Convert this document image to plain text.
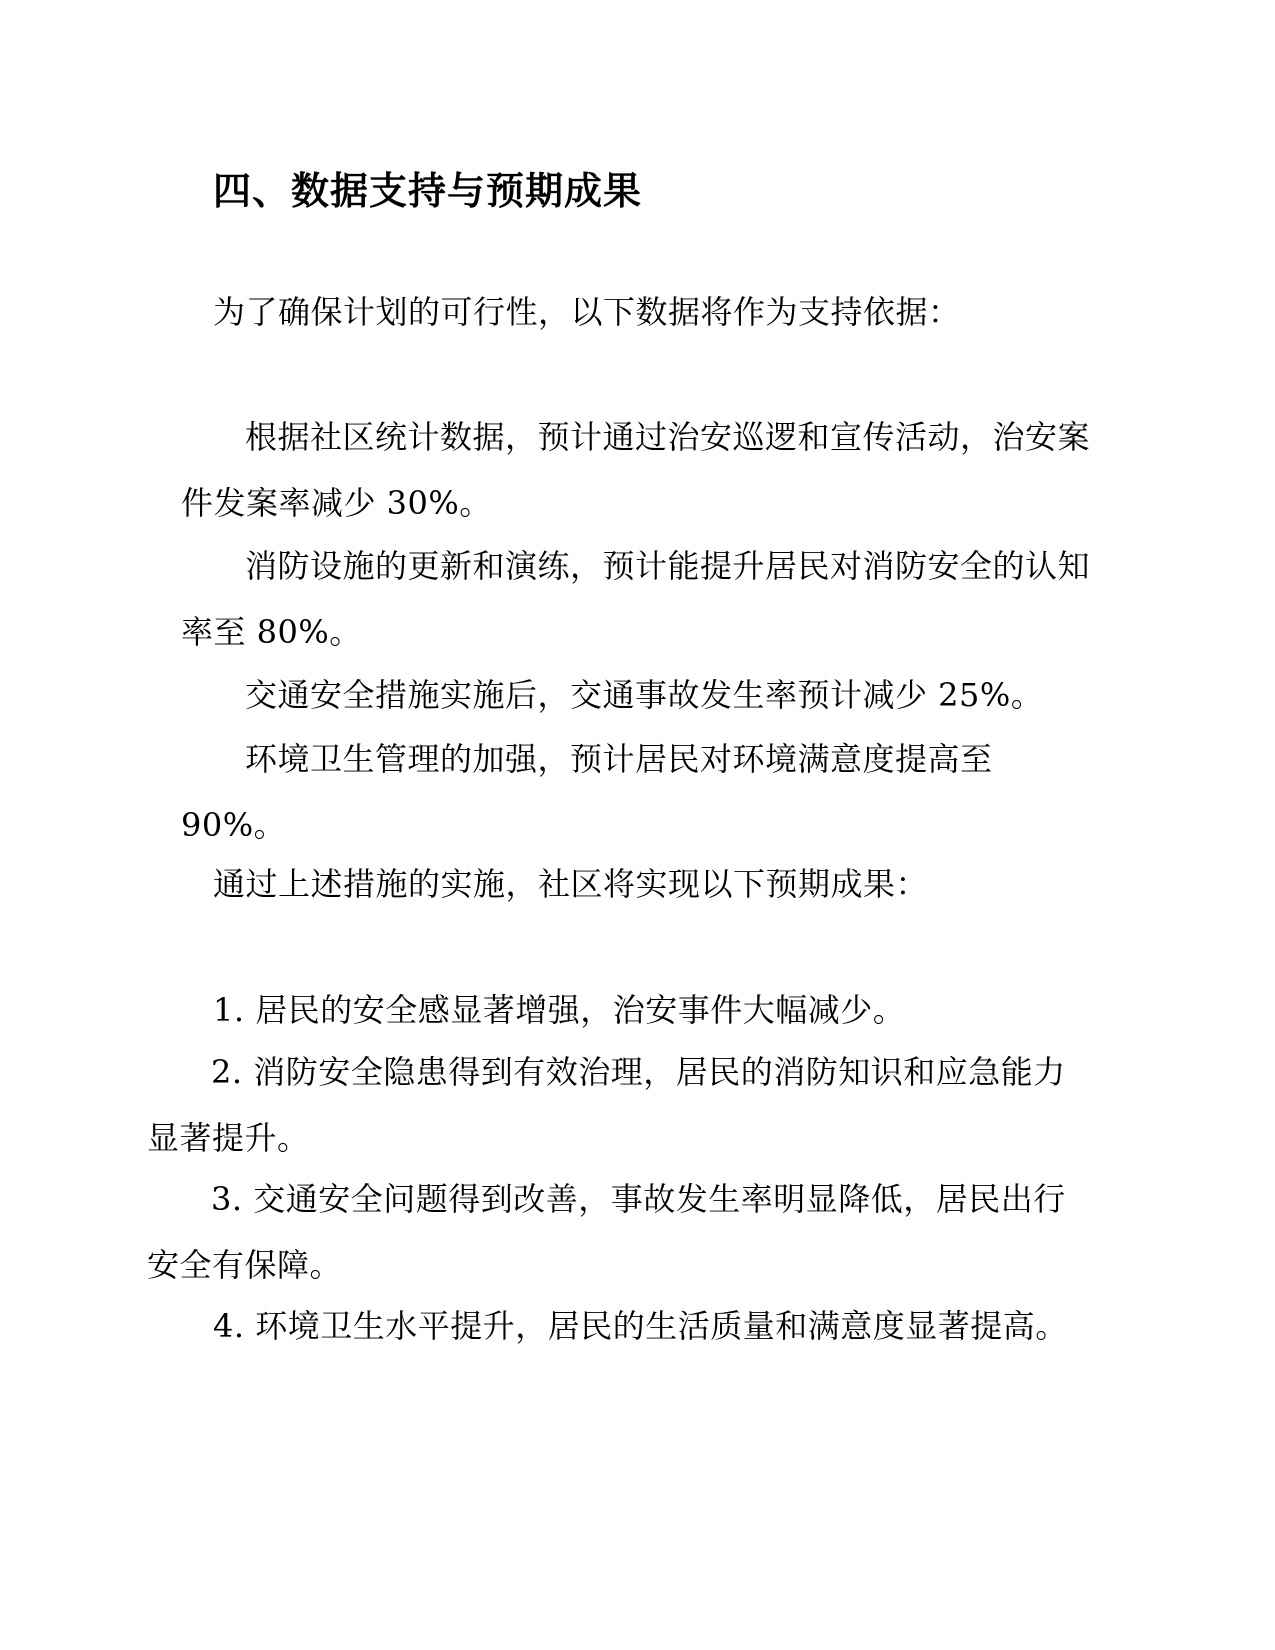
四、数据支持与预期成果
为了确保计划的可行性，以下数据将作为支持依据：
根据社区统计数据，预计通过治安巡逻和宣传活动，治安案件发案率减少 30%。
消防设施的更新和演练，预计能提升居民对消防安全的认知率至 80%。
交通安全措施实施后，交通事故发生率预计减少 25%。
环境卫生管理的加强，预计居民对环境满意度提高至 90%。
通过上述措施的实施，社区将实现以下预期成果：
1. 居民的安全感显著增强，治安事件大幅减少。
2. 消防安全隐患得到有效治理，居民的消防知识和应急能力显著提升。
3. 交通安全问题得到改善，事故发生率明显降低，居民出行安全有保障。
4. 环境卫生水平提升，居民的生活质量和满意度显著提高。
